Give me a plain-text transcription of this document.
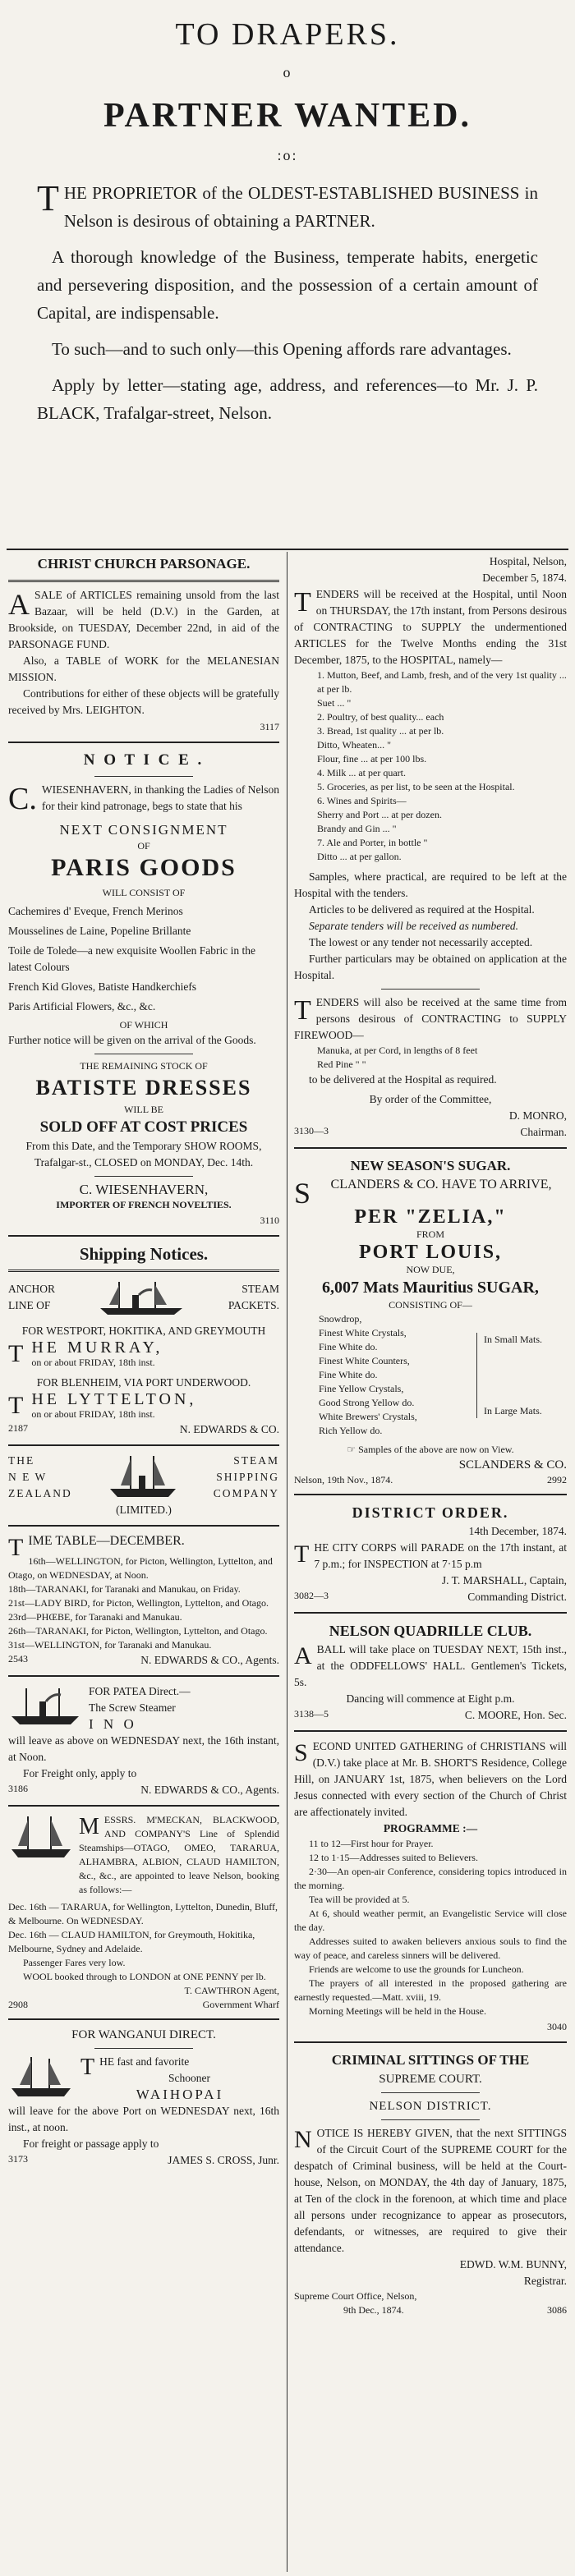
TO DRAPERS.

o

PARTNER WANTED.

:o:

THE PROPRIETOR of the OLDEST-ESTABLISHED BUSINESS in Nelson is desirous of obtaining a PARTNER.

A thorough knowledge of the Business, temperate habits, energetic and persevering disposition, and the possession of a certain amount of Capital, are indispensable.

To such—and to such only—this Opening affords rare advantages.

Apply by letter—stating age, address, and references—to Mr. J. P. BLACK, Trafalgar-street, Nelson.

CHRIST CHURCH PARSONAGE.

ASALE of ARTICLES remaining unsold from the last Bazaar, will be held (D.V.) in the Garden, at Brookside, on TUESDAY, December 22nd, in aid of the PARSONAGE FUND.

Also, a TABLE of WORK for the MELANESIAN MISSION.

Contributions for either of these objects will be gratefully received by Mrs. LEIGHTON.

3117

N O T I C E .

C. WIESENHAVERN, in thanking the Ladies of Nelson for their kind patronage, begs to state that his

NEXT CONSIGNMENT

OF

PARIS GOODS

WILL CONSIST OF

Cachemires d' Eveque, French Merinos

Mousselines de Laine, Popeline Brillante

Toile de Tolede—a new exquisite Woollen Fabric in the latest Colours

French Kid Gloves, Batiste Handkerchiefs

Paris Artificial Flowers, &c., &c.

OF WHICH

Further notice will be given on the arrival of the Goods.

THE REMAINING STOCK OF

BATISTE DRESSES

WILL BE

SOLD OFF AT COST PRICES

From this Date, and the Temporary SHOW ROOMS, Trafalgar-st., CLOSED on MONDAY, Dec. 14th.

C. WIESENHAVERN,

IMPORTER OF FRENCH NOVELTIES.

3110

Shipping Notices.

ANCHOR

LINE OF

STEAM

PACKETS.

FOR WESTPORT, HOKITIKA, AND GREYMOUTH

THE MURRAY,

on or about FRIDAY, 18th inst.

FOR BLENHEIM, VIA PORT UNDERWOOD.

THE LYTTELTON,

on or about FRIDAY, 18th inst.

2187	N. EDWARDS & CO.

THE

N E W

ZEALAND

STEAM

SHIPPING

COMPANY

(LIMITED.)

TIME TABLE—DECEMBER.

16th—WELLINGTON, for Picton, Wellington, Lyttelton, and Otago, on WEDNESDAY, at Noon.

18th—TARANAKI, for Taranaki and Manukau, on Friday.

21st—LADY BIRD, for Picton, Wellington, Lyttelton, and Otago.

23rd—PHŒBE, for Taranaki and Manukau.

26th—TARANAKI, for Picton, Wellington, Lyttelton, and Otago.

31st—WELLINGTON, for Taranaki and Manukau.

2543	N. EDWARDS & CO., Agents.

FOR PATEA Direct.—

The Screw Steamer

I N O

will leave as above on WEDNESDAY next, the 16th instant, at Noon.

For Freight only, apply to

3186	N. EDWARDS & CO., Agents.

MESSRS. M'MECKAN, BLACKWOOD, AND COMPANY'S Line of Splendid Steamships—OTAGO, OMEO, TARARUA, ALHAMBRA, ALBION, CLAUD HAMILTON, &c., &c., are appointed to leave Nelson, booking as follows:—

Dec. 16th — TARARUA, for Wellington, Lyttelton, Dunedin, Bluff, & Melbourne. On WEDNESDAY.

Dec. 16th — CLAUD HAMILTON, for Greymouth, Hokitika, Melbourne, Sydney and Adelaide.

Passenger Fares very low.

WOOL booked through to LONDON at ONE PENNY per lb.

T. CAWTHRON Agent,

2908	Government Wharf

FOR WANGANUI DIRECT.

THE fast and favorite

Schooner

WAIHOPAI

will leave for the above Port on WEDNESDAY next, 16th inst., at noon.

For freight or passage apply to

3173	JAMES S. CROSS, Junr.

Hospital, Nelson,

December 5, 1874.

TENDERS will be received at the Hospital, until Noon on THURSDAY, the 17th instant, from Persons desirous of CONTRACTING to SUPPLY the undermentioned ARTICLES for the Twelve Months ending the 31st December, 1875, to the HOSPITAL, namely—

1. Mutton, Beef, and Lamb, fresh, and of the very 1st quality ... at per lb.

Suet ... "

2. Poultry, of best quality... each

3. Bread, 1st quality ... at per lb.

Ditto, Wheaten... "

Flour, fine ... at per 100 lbs.

4. Milk ... at per quart.

5. Groceries, as per list, to be seen at the Hospital.

6. Wines and Spirits—

Sherry and Port ... at per dozen.

Brandy and Gin ... "

7. Ale and Porter, in bottle "

Ditto ... at per gallon.

Samples, where practical, are required to be left at the Hospital with the tenders.

Articles to be delivered as required at the Hospital.

Separate tenders will be received as numbered.

The lowest or any tender not necessarily accepted.

Further particulars may be obtained on application at the Hospital.

TENDERS will also be received at the same time from persons desirous of CONTRACTING to SUPPLY FIREWOOD—

Manuka, at per Cord, in lengths of 8 feet

Red Pine " "

to be delivered at the Hospital as required.

By order of the Committee,

D. MONRO,

3130—3	Chairman.

NEW SEASON'S SUGAR.

S CLANDERS & CO. HAVE TO ARRIVE,

PER "ZELIA,"

FROM

PORT LOUIS,

NOW DUE,

6,007 Mats Mauritius SUGAR,

CONSISTING OF—

Snowdrop,

Finest White Crystals,

Fine White do.

Finest White Counters,

Fine White do.

Fine Yellow Crystals,

Good Strong Yellow do.

White Brewers' Crystals,

Rich Yellow do.

In Small Mats.

In Large Mats.

☞ Samples of the above are now on View.

SCLANDERS & CO.

Nelson, 19th Nov., 1874.	2992

DISTRICT ORDER.

14th December, 1874.

THE CITY CORPS will PARADE on the 17th instant, at 7 p.m.; for INSPECTION at 7·15 p.m

J. T. MARSHALL, Captain,

3082—3	Commanding District.

NELSON QUADRILLE CLUB.

ABALL will take place on TUESDAY NEXT, 15th inst., at the ODDFELLOWS' HALL. Gentlemen's Tickets, 5s.

Dancing will commence at Eight p.m.

3138—5	C. MOORE, Hon. Sec.

SECOND UNITED GATHERING of CHRISTIANS will (D.V.) take place at Mr. B. SHORT'S Residence, College Hill, on JANUARY 1st, 1875, when believers on the Lord Jesus connected with every section of the Church of Christ are affectionately invited.

PROGRAMME :—

11 to 12—First hour for Prayer.

12 to 1·15—Addresses suited to Believers.

2·30—An open-air Conference, considering topics introduced in the morning.

Tea will be provided at 5.

At 6, should weather permit, an Evangelistic Service will close the day.

Addresses suited to awaken believers anxious souls to find the way of peace, and careless sinners will be delivered.

Friends are welcome to use the grounds for Luncheon.

The prayers of all interested in the proposed gathering are earnestly requested.—Matt. xviii, 19.

Morning Meetings will be held in the House.

3040

CRIMINAL SITTINGS OF THE

SUPREME COURT.

NELSON DISTRICT.

NOTICE IS HEREBY GIVEN, that the next SITTINGS of the Circuit Court of the SUPREME COURT for the despatch of Criminal business, will be held at the Court-house, Nelson, on MONDAY, the 4th day of January, 1875, at Ten of the clock in the forenoon, at which time and place all persons under recognizance to appear as prosecutors, defendants, or witnesses, are required to give their attendance.

EDWD. W.M. BUNNY,

Registrar.

Supreme Court Office, Nelson,

9th Dec., 1874.	3086
